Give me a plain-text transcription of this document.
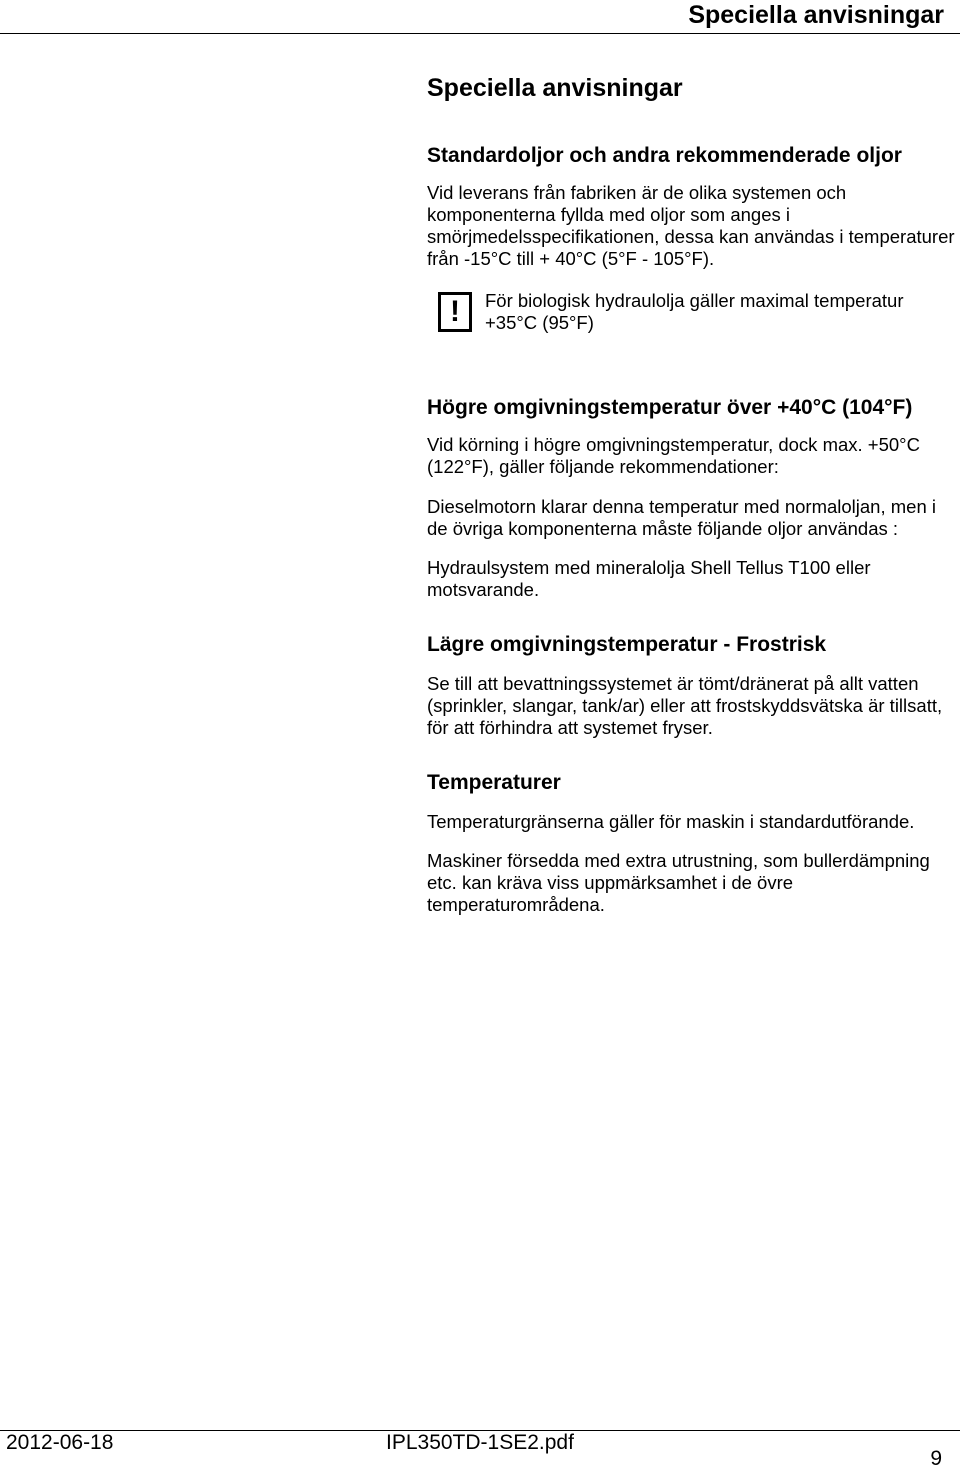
Speciella anvisningar
Speciella anvisningar
Standardoljor och andra rekommenderade oljor

Vid leverans från fabriken är de olika systemen och komponenterna fyllda med oljor som anges i smörjmedelsspecifikationen, dessa kan användas i temperaturer från -15°C till + 40°C (5°F - 105°F).

! För biologisk hydraulolja gäller maximal temperatur +35°C (95°F)

Högre omgivningstemperatur över +40°C (104°F)

Vid körning i högre omgivningstemperatur, dock max. +50°C (122°F), gäller följande rekommendationer:

Dieselmotorn klarar denna temperatur med normaloljan, men i de övriga komponenterna måste följande oljor användas :

Hydraulsystem med mineralolja Shell Tellus T100 eller motsvarande.

Lägre omgivningstemperatur - Frostrisk

Se till att bevattningssystemet är tömt/dränerat på allt vatten (sprinkler, slangar, tank/ar) eller att frostskyddsvätska är tillsatt, för att förhindra att systemet fryser.

Temperaturer

Temperaturgränserna gäller för maskin i standardutförande.

Maskiner försedda med extra utrustning, som bullerdämpning etc. kan kräva viss uppmärksamhet i de övre temperaturområdena.

2012-06-18	IPL350TD-1SE2.pdf
9
